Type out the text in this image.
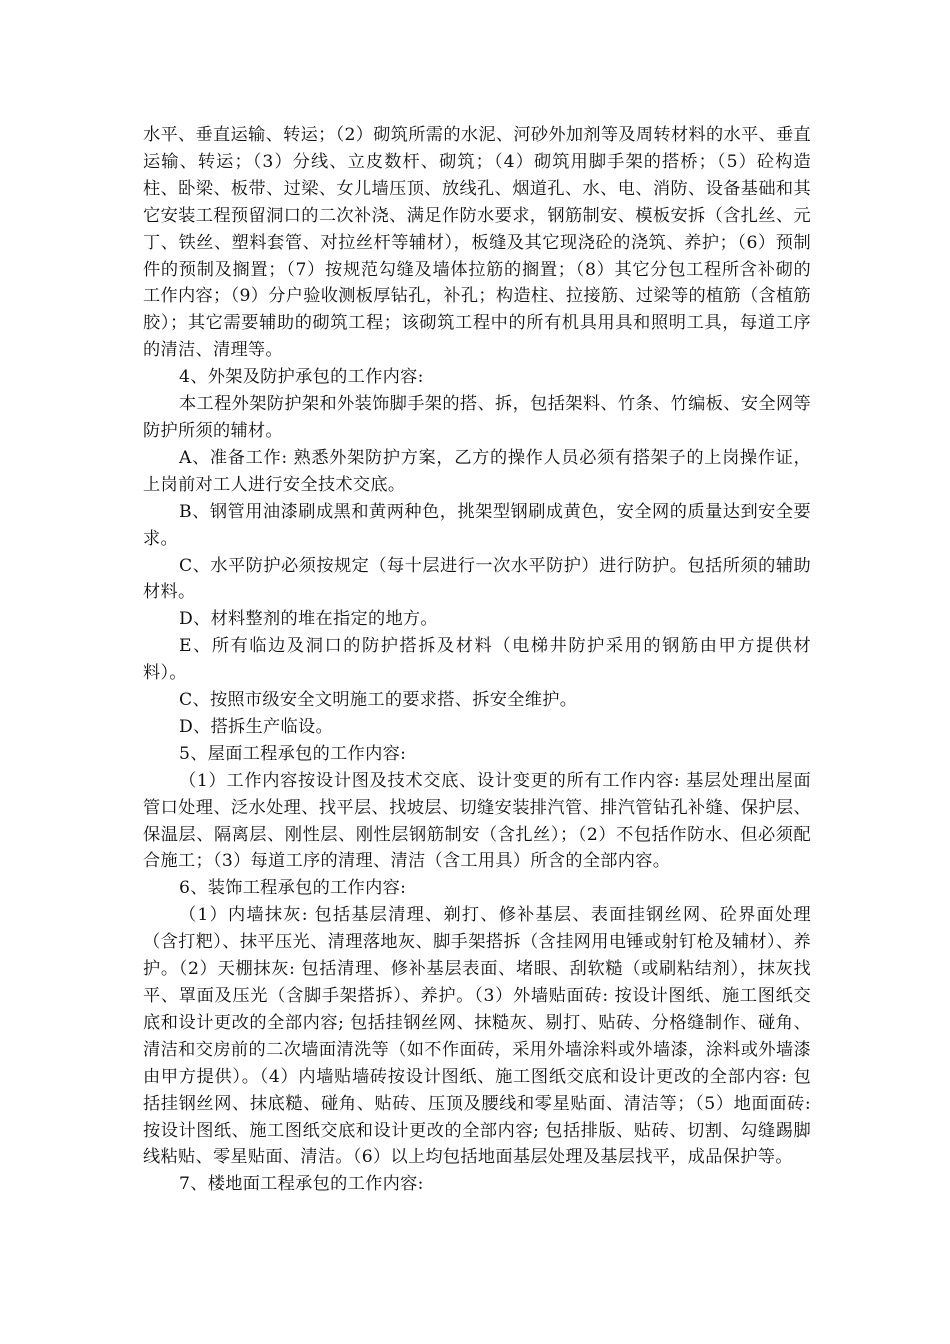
水平、垂直运输、转运；（2）砌筑所需的水泥、河砂外加剂等及周转材料的水平、垂直运输、转运；（3）分线、立皮数杆、砌筑；（4）砌筑用脚手架的搭桥；（5）砼构造柱、卧梁、板带、过梁、女儿墙压顶、放线孔、烟道孔、水、电、消防、设备基础和其它安装工程预留洞口的二次补浇、满足作防水要求，钢筋制安、模板安拆（含扎丝、元丁、铁丝、塑料套管、对拉丝杆等辅材），板缝及其它现浇砼的浇筑、养护；（6）预制件的预制及搁置；（7）按规范勾缝及墙体拉筋的搁置；（8）其它分包工程所含补砌的工作内容；（9）分户验收测板厚钻孔，补孔；构造柱、拉接筋、过梁等的植筋（含植筋胶）；其它需要辅助的砌筑工程；该砌筑工程中的所有机具用具和照明工具，每道工序的清洁、清理等。

4、外架及防护承包的工作内容:

本工程外架防护架和外装饰脚手架的搭、拆，包括架料、竹条、竹编板、安全网等防护所须的辅材。

A、准备工作: 熟悉外架防护方案，乙方的操作人员必须有搭架子的上岗操作证，上岗前对工人进行安全技术交底。

B、钢管用油漆刷成黑和黄两种色，挑架型钢刷成黄色，安全网的质量达到安全要求。

C、水平防护必须按规定（每十层进行一次水平防护）进行防护。包括所须的辅助材料。

D、材料整剂的堆在指定的地方。

E、所有临边及洞口的防护搭拆及材料（电梯井防护采用的钢筋由甲方提供材料）。

C、按照市级安全文明施工的要求搭、拆安全维护。

D、搭拆生产临设。

5、屋面工程承包的工作内容:

（1）工作内容按设计图及技术交底、设计变更的所有工作内容: 基层处理出屋面管口处理、泛水处理、找平层、找坡层、切缝安装排汽管、排汽管钻孔补缝、保护层、保温层、隔离层、刚性层、刚性层钢筋制安（含扎丝）；（2）不包括作防水、但必须配合施工；（3）每道工序的清理、清洁（含工用具）所含的全部内容。

6、装饰工程承包的工作内容:

（1）内墙抹灰: 包括基层清理、剃打、修补基层、表面挂钢丝网、砼界面处理（含打粑）、抹平压光、清理落地灰、脚手架搭拆（含挂网用电锤或射钉枪及辅材）、养护。（2）天棚抹灰: 包括清理、修补基层表面、堵眼、刮软糙（或刷粘结剂），抹灰找平、罩面及压光（含脚手架搭拆）、养护。（3）外墙贴面砖: 按设计图纸、施工图纸交底和设计更改的全部内容; 包括挂钢丝网、抹糙灰、剔打、贴砖、分格缝制作、碰角、清洁和交房前的二次墙面清洗等（如不作面砖，采用外墙涂料或外墙漆，涂料或外墙漆由甲方提供）。（4）内墙贴墙砖按设计图纸、施工图纸交底和设计更改的全部内容: 包括挂钢丝网、抹底糙、碰角、贴砖、压顶及腰线和零星贴面、清洁等；（5）地面面砖: 按设计图纸、施工图纸交底和设计更改的全部内容; 包括排版、贴砖、切割、勾缝踢脚线粘贴、零星贴面、清洁。（6）以上均包括地面基层处理及基层找平，成品保护等。

7、楼地面工程承包的工作内容:
